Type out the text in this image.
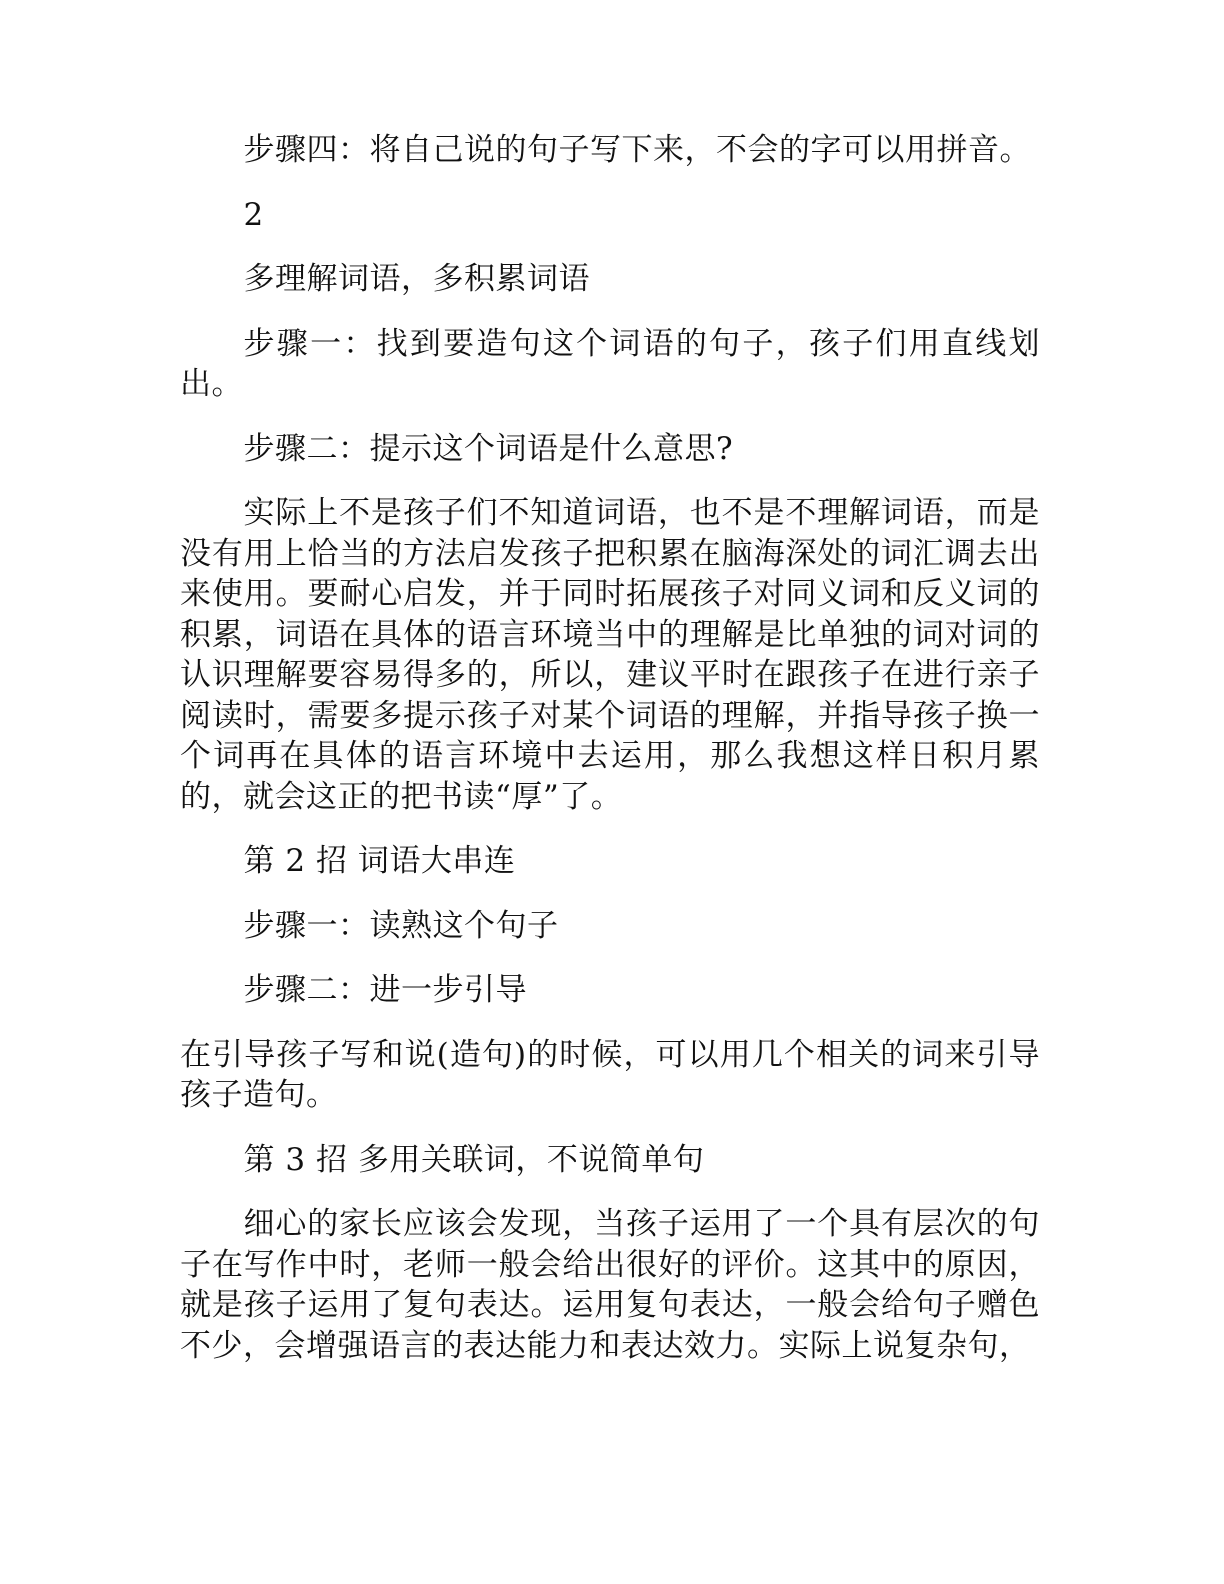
步骤四：将自己说的句子写下来，不会的字可以用拼音。

2

多理解词语，多积累词语

步骤一：找到要造句这个词语的句子，孩子们用直线划出。

步骤二：提示这个词语是什么意思?

实际上不是孩子们不知道词语，也不是不理解词语，而是没有用上恰当的方法启发孩子把积累在脑海深处的词汇调去出来使用。要耐心启发，并于同时拓展孩子对同义词和反义词的积累，词语在具体的语言环境当中的理解是比单独的词对词的认识理解要容易得多的，所以，建议平时在跟孩子在进行亲子阅读时，需要多提示孩子对某个词语的理解，并指导孩子换一个词再在具体的语言环境中去运用，那么我想这样日积月累的，就会这正的把书读“厚”了。

第 2 招 词语大串连

步骤一：读熟这个句子

步骤二：进一步引导

在引导孩子写和说(造句)的时候，可以用几个相关的词来引导孩子造句。

第 3 招 多用关联词，不说简单句

细心的家长应该会发现，当孩子运用了一个具有层次的句子在写作中时，老师一般会给出很好的评价。这其中的原因，就是孩子运用了复句表达。运用复句表达，一般会给句子赠色不少，会增强语言的表达能力和表达效力。实际上说复杂句，
